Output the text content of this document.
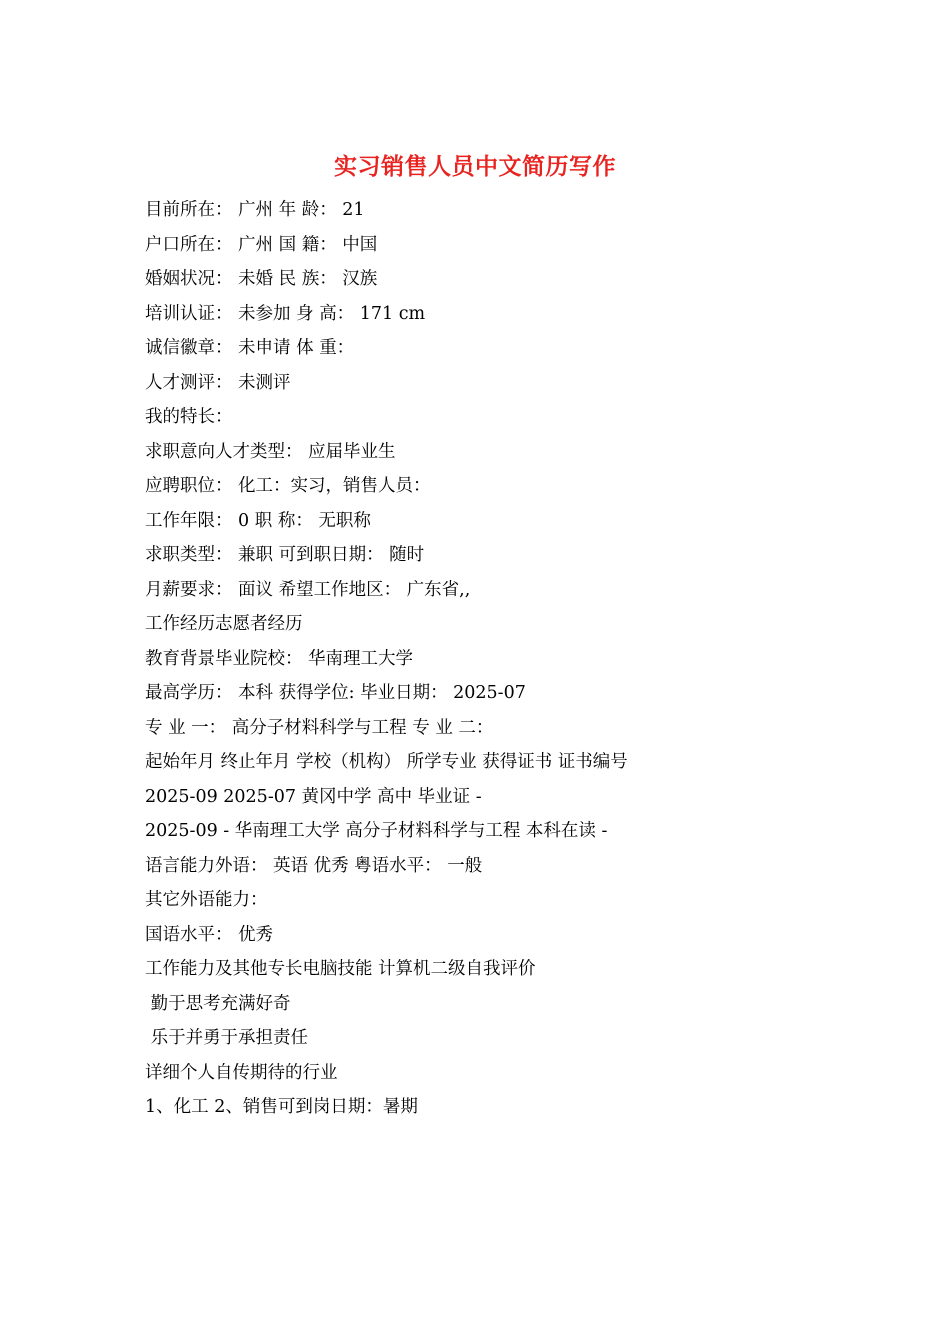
实习销售人员中文简历写作
目前所在： 广州 年 龄： 21
户口所在： 广州 国 籍： 中国
婚姻状况： 未婚 民 族： 汉族
培训认证： 未参加 身 高： 171 cm
诚信徽章： 未申请 体 重：
人才测评： 未测评
我的特长：
求职意向人才类型： 应届毕业生
应聘职位： 化工：实习，销售人员：
工作年限： 0 职 称： 无职称
求职类型： 兼职 可到职日期： 随时
月薪要求： 面议 希望工作地区： 广东省,,
工作经历志愿者经历
教育背景毕业院校： 华南理工大学
最高学历： 本科 获得学位: 毕业日期： 2025-07
专 业 一： 高分子材料科学与工程 专 业 二：
起始年月 终止年月 学校（机构） 所学专业 获得证书 证书编号
2025-09 2025-07 黄冈中学 高中 毕业证 -
2025-09 - 华南理工大学 高分子材料科学与工程 本科在读 -
语言能力外语： 英语 优秀 粤语水平： 一般
其它外语能力：
国语水平： 优秀
工作能力及其他专长电脑技能 计算机二级自我评价
勤于思考充满好奇
乐于并勇于承担责任
详细个人自传期待的行业
1、化工 2、销售可到岗日期：暑期
